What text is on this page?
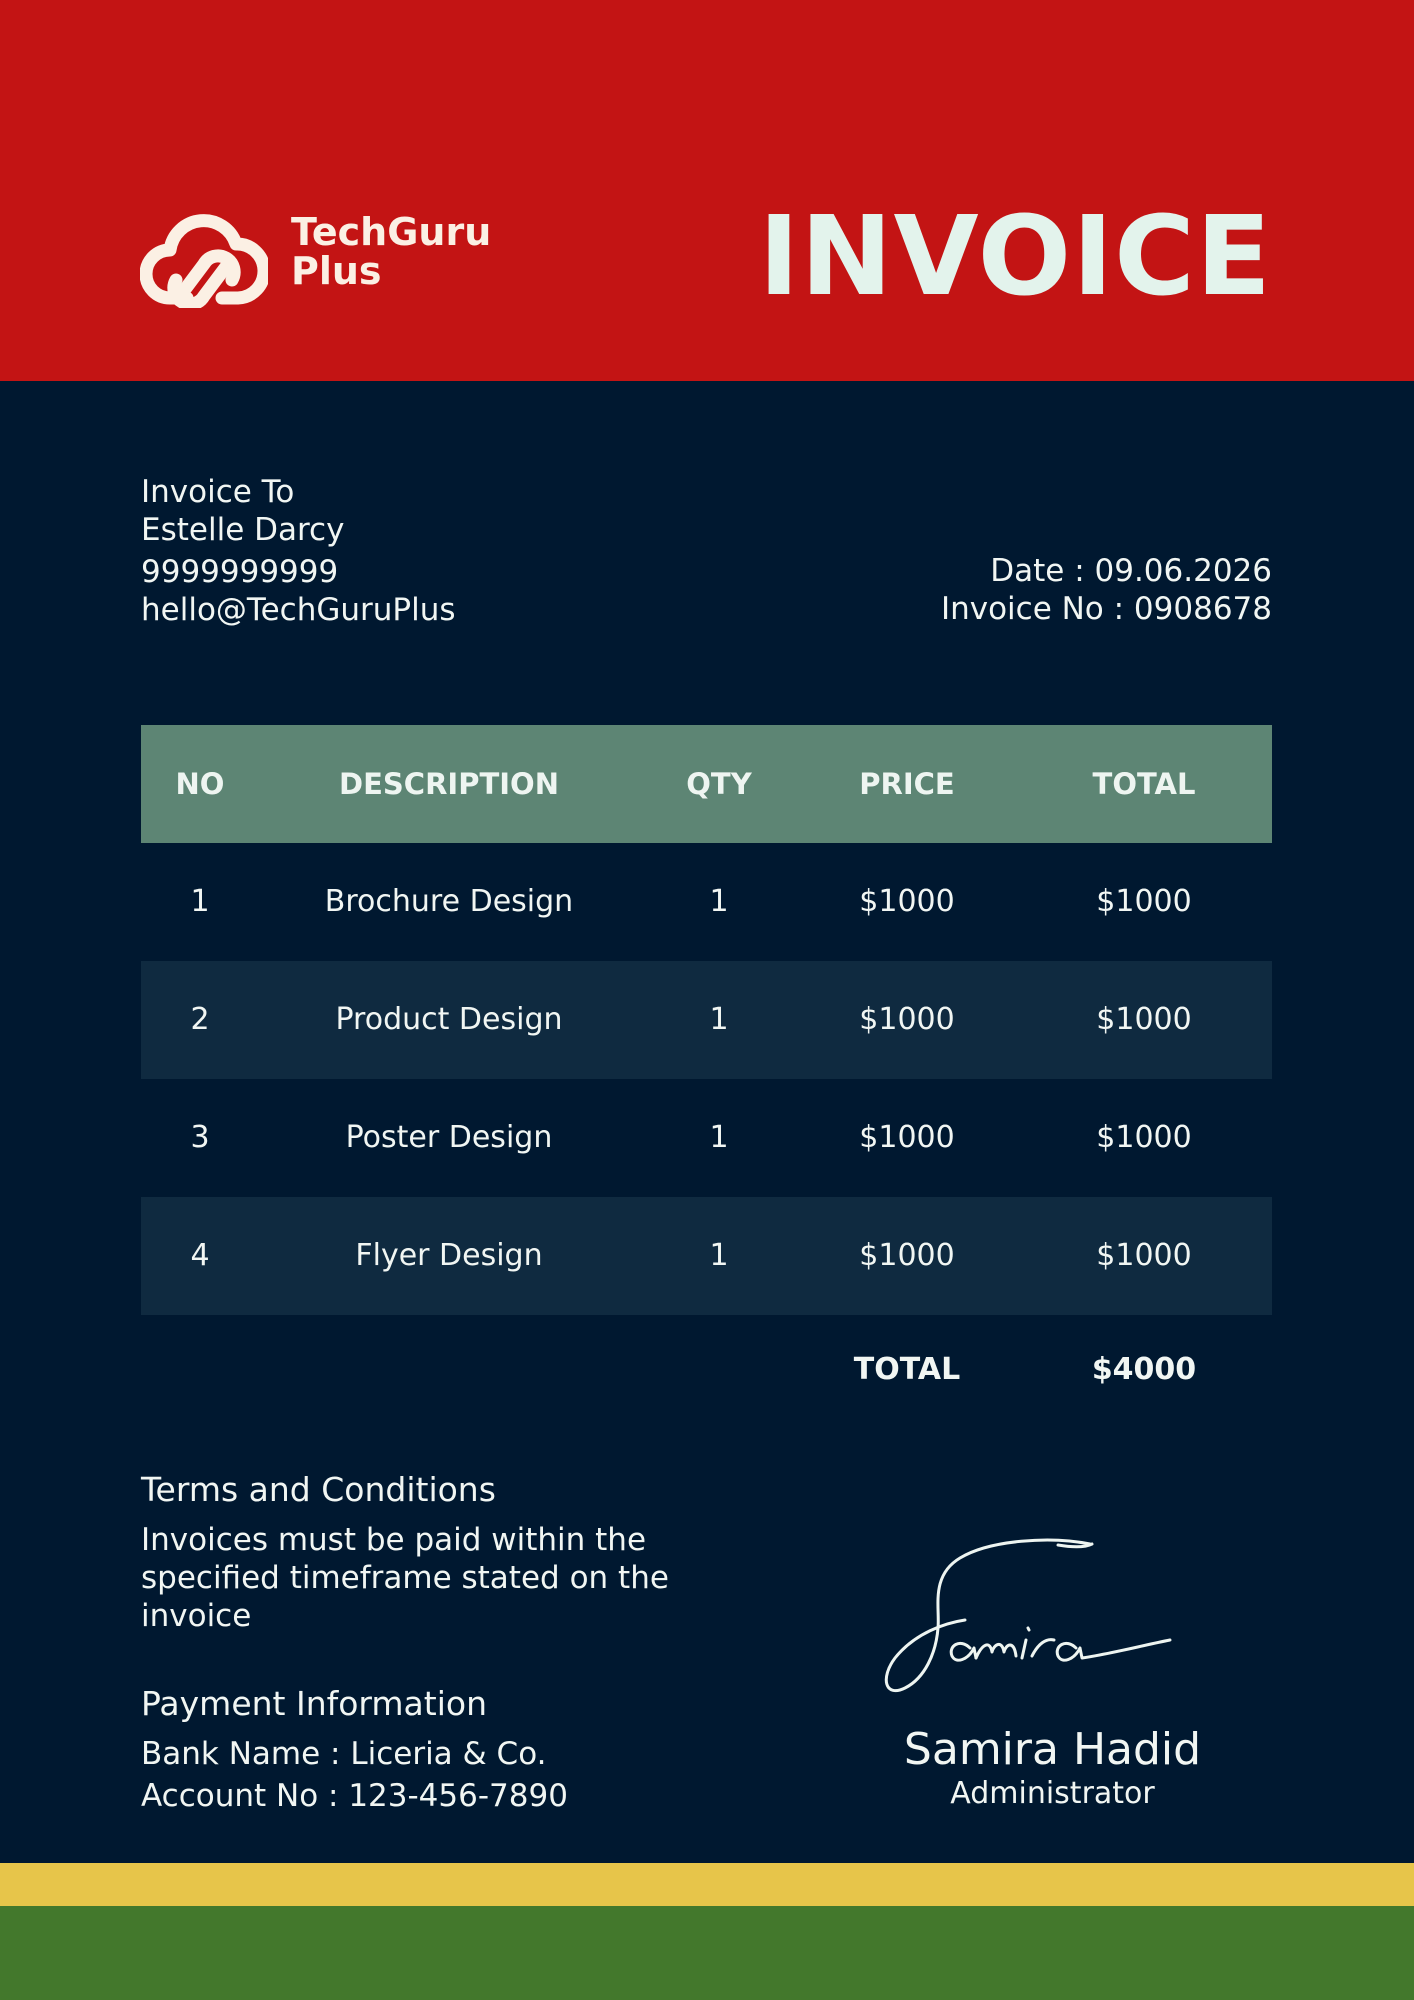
TechGuru
Plus	INVOICE
Invoice To
Estelle Darcy
9999999999
hello@TechGuruPlus
Date : 09.06.2026
Invoice No : 0908678
NO	DESCRIPTION	QTY	PRICE	TOTAL
1	Brochure Design	1	$1000	$1000
2	Product Design	1	$1000	$1000
3	Poster Design	1	$1000	$1000
4	Flyer Design	1	$1000	$1000
TOTAL	$4000
Terms and Conditions
Invoices must be paid within the specified timeframe stated on the invoice
Payment Information
Bank Name : Liceria & Co.
Account No : 123-456-7890
Samira Hadid
Administrator
